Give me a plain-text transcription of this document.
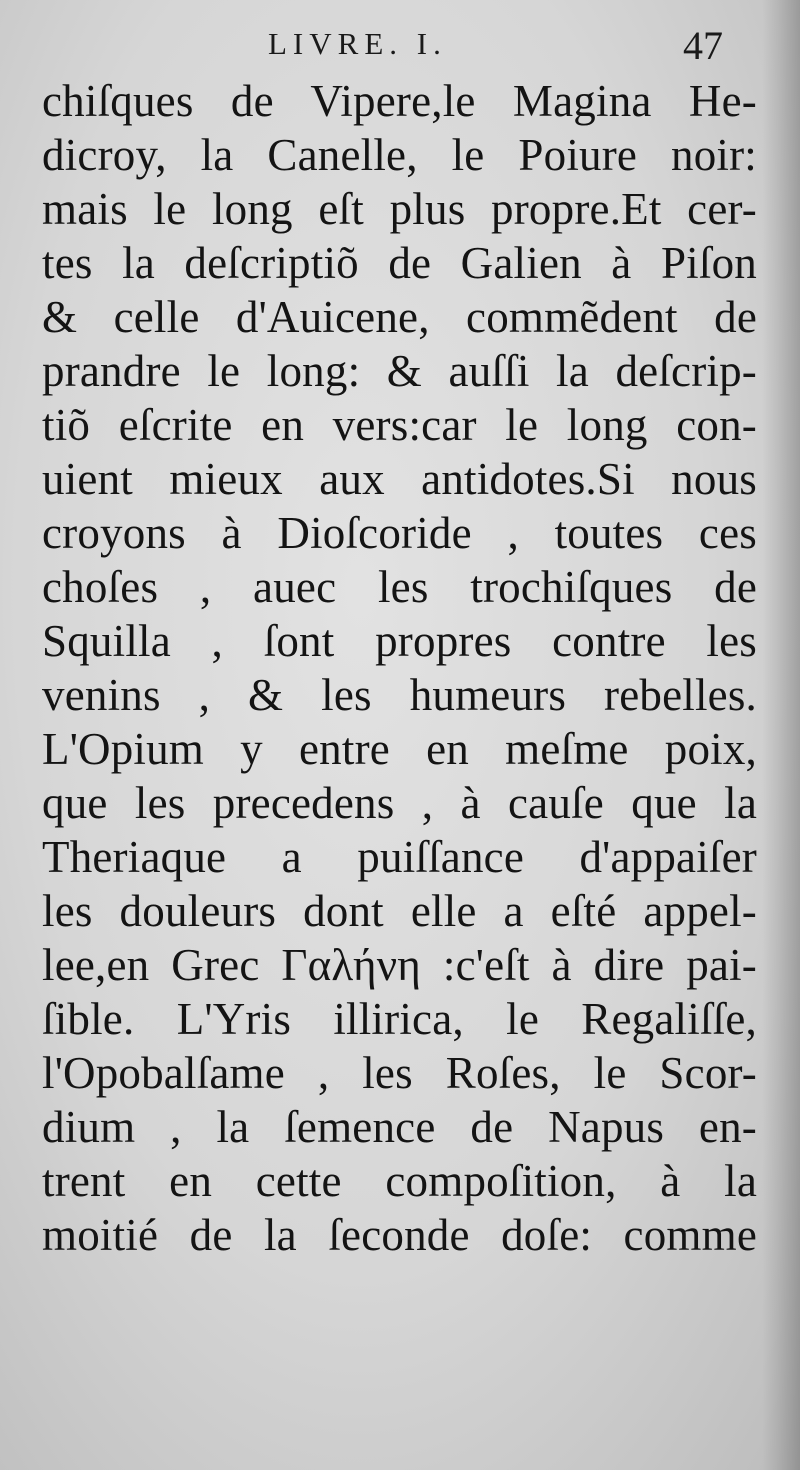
LIVRE. I.	47
chiſques de Vipere,le Magina He-
dicroy, la Canelle, le Poiure noir:
mais le long eſt plus propre.Et cer-
tes la deſcriptiõ de Galien à Piſon
& celle d'Auicene, commẽdent de
prandre le long: & auſſi la deſcrip-
tiõ eſcrite en vers:car le long con-
uient mieux aux antidotes.Si nous
croyons à Dioſcoride , toutes ces
choſes , auec les trochiſques de
Squilla , ſont propres contre les
venins , & les humeurs rebelles.
L'Opium y entre en meſme poix,
que les precedens , à cauſe que la
Theriaque a puiſſance d'appaiſer
les douleurs dont elle a eſté appel-
lee,en Grec Γαλήνη :c'eſt à dire pai-
ſible. L'Yris illirica, le Regaliſſe,
l'Opobalſame , les Roſes, le Scor-
dium , la ſemence de Napus en-
trent en cette compoſition, à la
moitié de la ſeconde doſe: comme
